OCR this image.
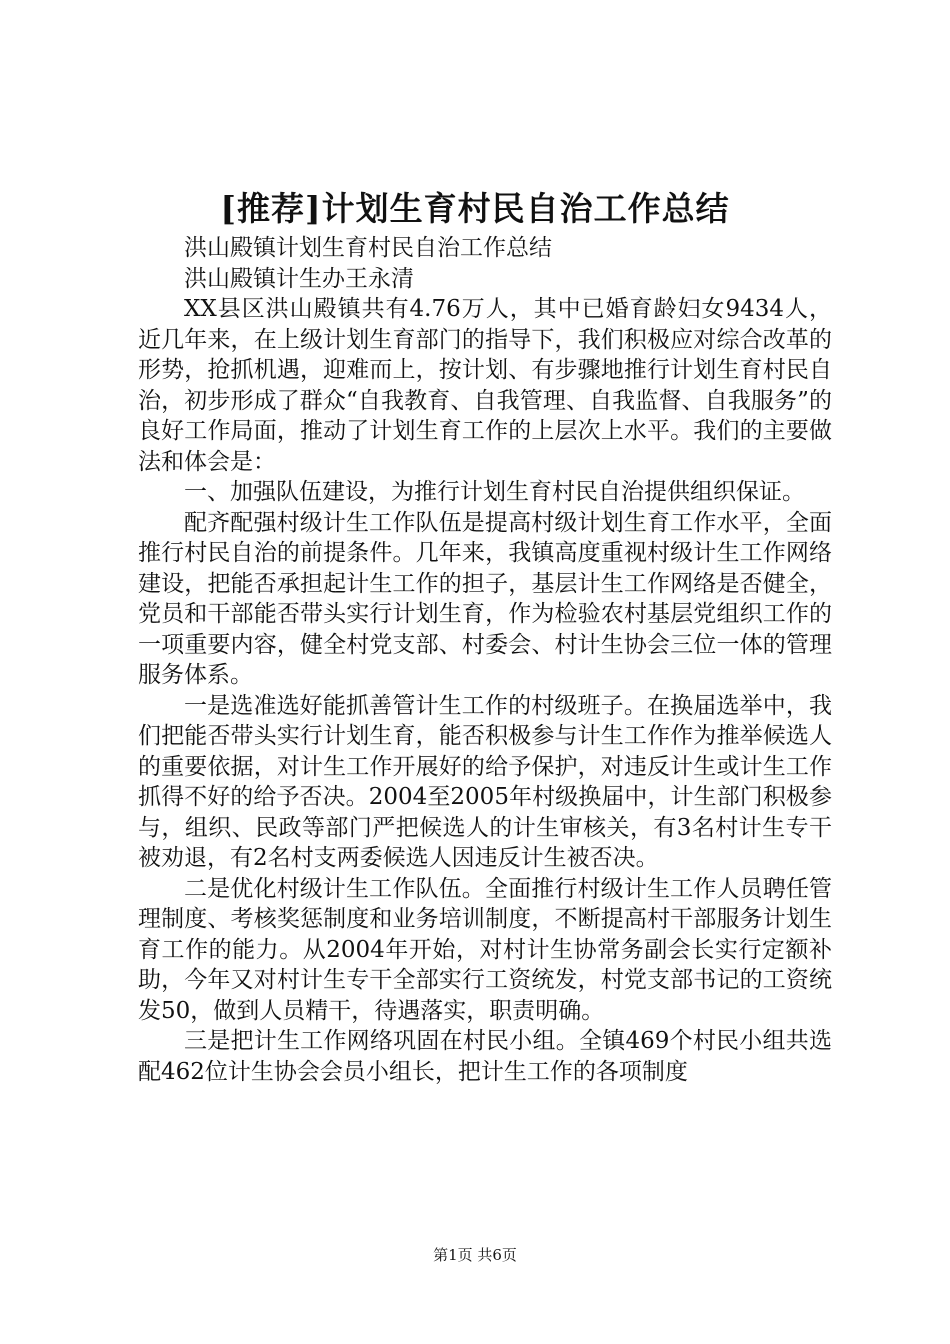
[推荐]计划生育村民自治工作总结

洪山殿镇计划生育村民自治工作总结

洪山殿镇计生办王永清

XX县区洪山殿镇共有4.76万人，其中已婚育龄妇女9434人，近几年来，在上级计划生育部门的指导下，我们积极应对综合改革的形势，抢抓机遇，迎难而上，按计划、有步骤地推行计划生育村民自治，初步形成了群众“自我教育、自我管理、自我监督、自我服务”的良好工作局面，推动了计划生育工作的上层次上水平。我们的主要做法和体会是：

一、加强队伍建设，为推行计划生育村民自治提供组织保证。

配齐配强村级计生工作队伍是提高村级计划生育工作水平，全面推行村民自治的前提条件。几年来，我镇高度重视村级计生工作网络建设，把能否承担起计生工作的担子，基层计生工作网络是否健全，党员和干部能否带头实行计划生育，作为检验农村基层党组织工作的一项重要内容，健全村党支部、村委会、村计生协会三位一体的管理服务体系。

一是选准选好能抓善管计生工作的村级班子。在换届选举中，我们把能否带头实行计划生育，能否积极参与计生工作作为推举候选人的重要依据，对计生工作开展好的给予保护，对违反计生或计生工作抓得不好的给予否决。2004至2005年村级换届中，计生部门积极参与，组织、民政等部门严把候选人的计生审核关，有3名村计生专干被劝退，有2名村支两委候选人因违反计生被否决。

二是优化村级计生工作队伍。全面推行村级计生工作人员聘任管理制度、考核奖惩制度和业务培训制度，不断提高村干部服务计划生育工作的能力。从2004年开始，对村计生协常务副会长实行定额补助，今年又对村计生专干全部实行工资统发，村党支部书记的工资统发50，做到人员精干，待遇落实，职责明确。

三是把计生工作网络巩固在村民小组。全镇469个村民小组共选配462位计生协会会员小组长，把计生工作的各项制度

第1页 共6页
